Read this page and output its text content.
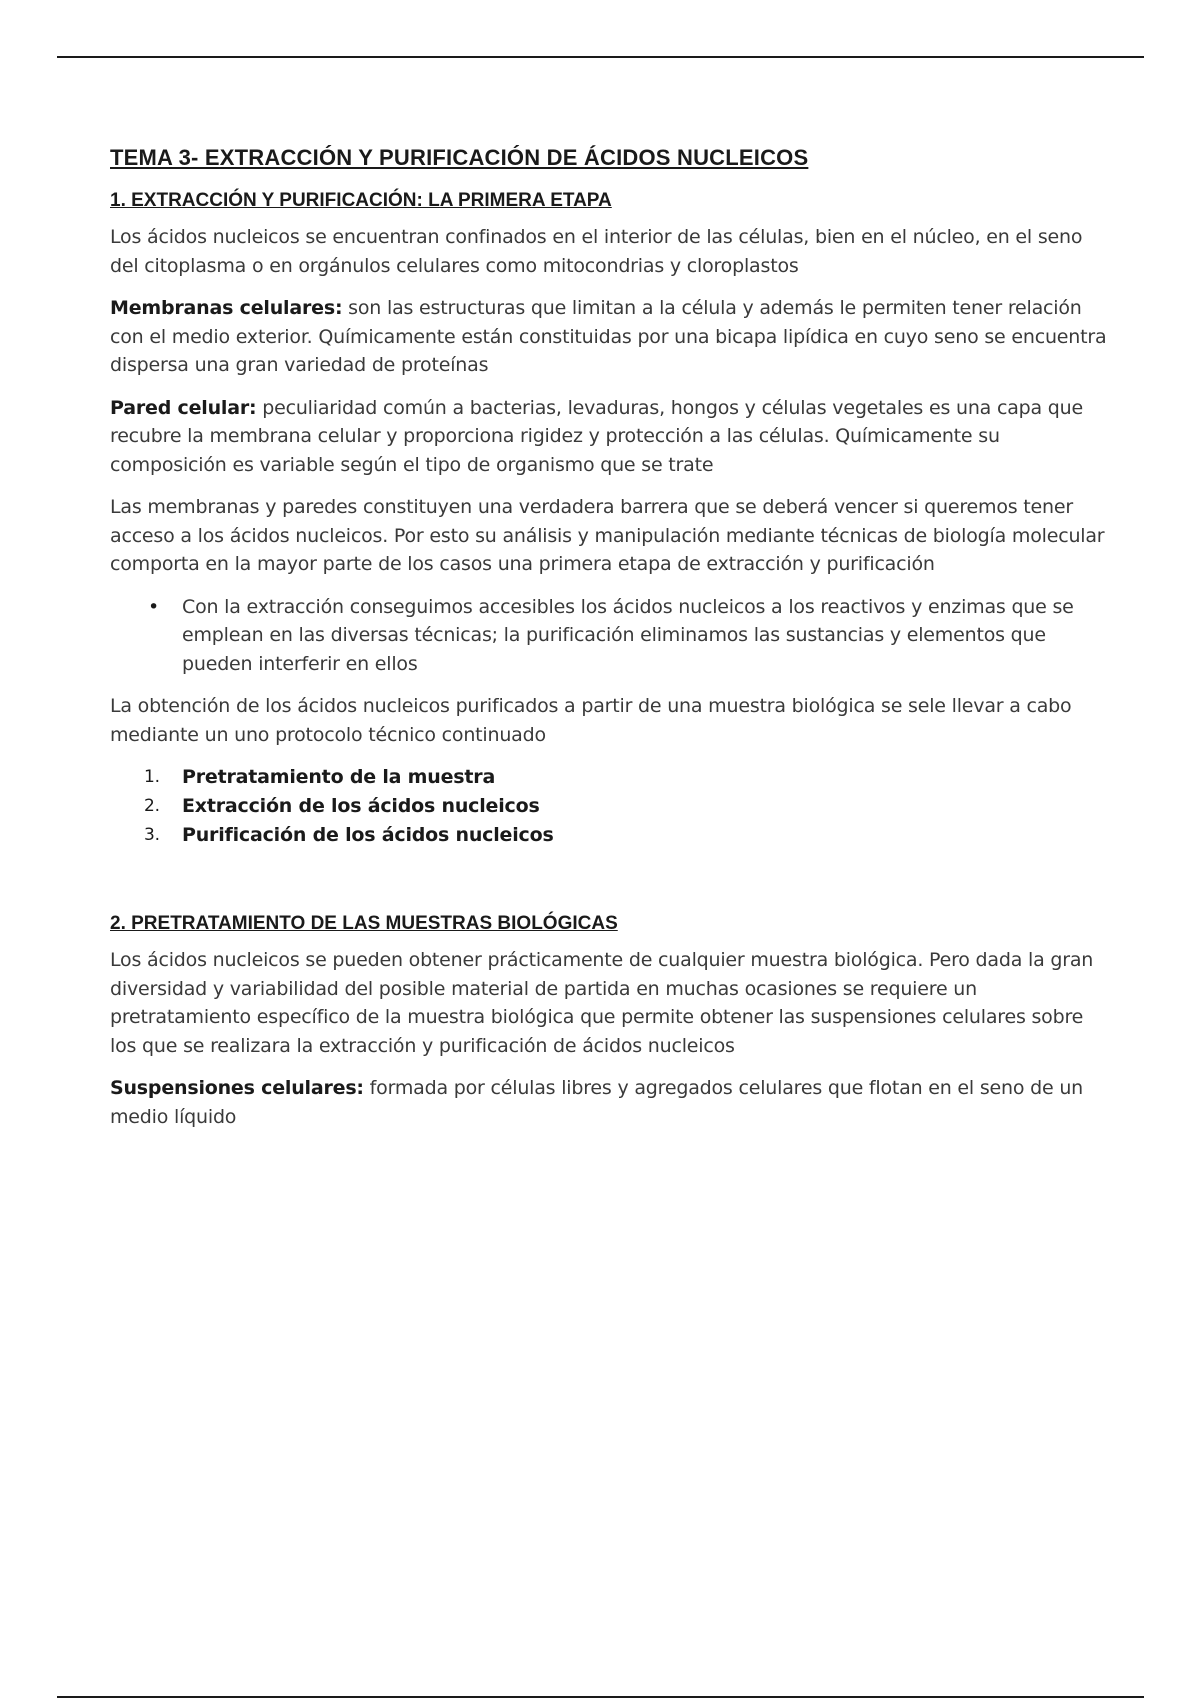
TEMA 3- EXTRACCIÓN Y PURIFICACIÓN DE ÁCIDOS NUCLEICOS
1. EXTRACCIÓN Y PURIFICACIÓN: LA PRIMERA ETAPA

Los ácidos nucleicos se encuentran confinados en el interior de las células, bien en el núcleo, en el seno del citoplasma o en orgánulos celulares como mitocondrias y cloroplastos

Membranas celulares: son las estructuras que limitan a la célula y además le permiten tener relación con el medio exterior. Químicamente están constituidas por una bicapa lipídica en cuyo seno se encuentra dispersa una gran variedad de proteínas

Pared celular: peculiaridad común a bacterias, levaduras, hongos y células vegetales es una capa que recubre la membrana celular y proporciona rigidez y protección a las células. Químicamente su composición es variable según el tipo de organismo que se trate

Las membranas y paredes constituyen una verdadera barrera que se deberá vencer si queremos tener acceso a los ácidos nucleicos. Por esto su análisis y manipulación mediante técnicas de biología molecular comporta en la mayor parte de los casos una primera etapa de extracción y purificación

• Con la extracción conseguimos accesibles los ácidos nucleicos a los reactivos y enzimas que se emplean en las diversas técnicas; la purificación eliminamos las sustancias y elementos que pueden interferir en ellos

La obtención de los ácidos nucleicos purificados a partir de una muestra biológica se sele llevar a cabo mediante un uno protocolo técnico continuado

1. Pretratamiento de la muestra
2. Extracción de los ácidos nucleicos
3. Purificación de los ácidos nucleicos
2. PRETRATAMIENTO DE LAS MUESTRAS BIOLÓGICAS

Los ácidos nucleicos se pueden obtener prácticamente de cualquier muestra biológica. Pero dada la gran diversidad y variabilidad del posible material de partida en muchas ocasiones se requiere un pretratamiento específico de la muestra biológica que permite obtener las suspensiones celulares sobre los que se realizara la extracción y purificación de ácidos nucleicos

Suspensiones celulares: formada por células libres y agregados celulares que flotan en el seno de un medio líquido
